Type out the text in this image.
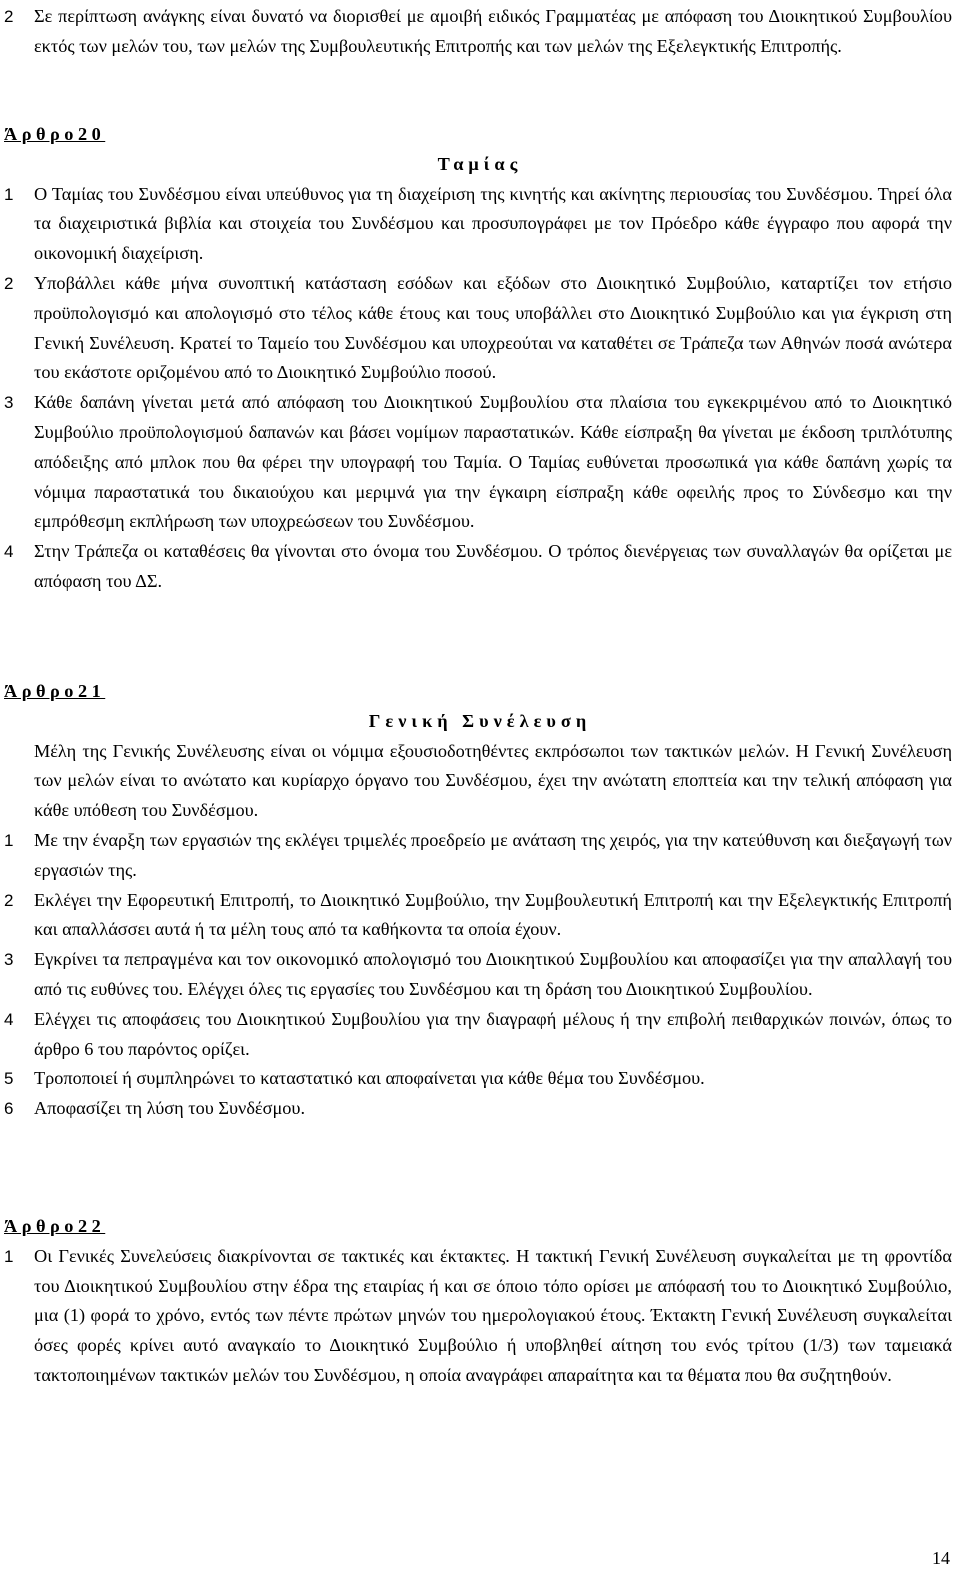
2 Σε περίπτωση ανάγκης είναι δυνατό να διορισθεί με αμοιβή ειδικός Γραμματέας με απόφαση του Διοικητικού Συμβουλίου εκτός των μελών του, των μελών της Συμβουλευτικής Επιτροπής και των μελών της Εξελεγκτικής Επιτροπής.

Άρθρο20

Ταμίας

1 Ο Ταμίας του Συνδέσμου είναι υπεύθυνος για τη διαχείριση της κινητής και ακίνητης περιουσίας του Συνδέσμου. Τηρεί όλα τα διαχειριστικά βιβλία και στοιχεία του Συνδέσμου και προσυπογράφει με τον Πρόεδρο κάθε έγγραφο που αφορά την οικονομική διαχείριση.

2 Υποβάλλει κάθε μήνα συνοπτική κατάσταση εσόδων και εξόδων στο Διοικητικό Συμβούλιο, καταρτίζει τον ετήσιο προϋπολογισμό και απολογισμό στο τέλος κάθε έτους και τους υποβάλλει στο Διοικητικό Συμβούλιο και για έγκριση στη Γενική Συνέλευση. Κρατεί το Ταμείο του Συνδέσμου και υποχρεούται να καταθέτει σε Τράπεζα των Αθηνών ποσά ανώτερα του εκάστοτε οριζομένου από το Διοικητικό Συμβούλιο ποσού.

3 Κάθε δαπάνη γίνεται μετά από απόφαση του Διοικητικού Συμβουλίου στα πλαίσια του εγκεκριμένου από το Διοικητικό Συμβούλιο προϋπολογισμού δαπανών και βάσει νομίμων παραστατικών. Κάθε είσπραξη θα γίνεται με έκδοση τριπλότυπης απόδειξης από μπλοκ που θα φέρει την υπογραφή του Ταμία. Ο Ταμίας ευθύνεται προσωπικά για κάθε δαπάνη χωρίς τα νόμιμα παραστατικά του δικαιούχου και μεριμνά για την έγκαιρη είσπραξη κάθε οφειλής προς το Σύνδεσμο και την εμπρόθεσμη εκπλήρωση των υποχρεώσεων του Συνδέσμου.

4 Στην Τράπεζα οι καταθέσεις θα γίνονται στο όνομα του Συνδέσμου. Ο τρόπος διενέργειας των συναλλαγών θα ορίζεται με απόφαση του ΔΣ.

Άρθρο21

Γενική Συνέλευση

Μέλη της Γενικής Συνέλευσης είναι οι νόμιμα εξουσιοδοτηθέντες εκπρόσωποι των τακτικών μελών. Η Γενική Συνέλευση των μελών είναι το ανώτατο και κυρίαρχο όργανο του Συνδέσμου, έχει την ανώτατη εποπτεία και την τελική απόφαση για κάθε υπόθεση του Συνδέσμου.

1 Με την έναρξη των εργασιών της εκλέγει τριμελές προεδρείο με ανάταση της χειρός, για την κατεύθυνση και διεξαγωγή των εργασιών της.

2 Εκλέγει την Εφορευτική Επιτροπή, το Διοικητικό Συμβούλιο, την Συμβουλευτική Επιτροπή και την Εξελεγκτικής Επιτροπή και απαλλάσσει αυτά ή τα μέλη τους από τα καθήκοντα τα οποία έχουν.

3 Εγκρίνει τα πεπραγμένα και τον οικονομικό απολογισμό του Διοικητικού Συμβουλίου και αποφασίζει για την απαλλαγή του από τις ευθύνες του. Ελέγχει όλες τις εργασίες του Συνδέσμου και τη δράση του Διοικητικού Συμβουλίου.

4 Ελέγχει τις αποφάσεις του Διοικητικού Συμβουλίου για την διαγραφή μέλους ή την επιβολή πειθαρχικών ποινών, όπως το άρθρο 6 του παρόντος ορίζει.

5 Τροποποιεί ή συμπληρώνει το καταστατικό και αποφαίνεται για κάθε θέμα του Συνδέσμου.

6 Αποφασίζει τη λύση του Συνδέσμου.

Άρθρο22

1 Οι Γενικές Συνελεύσεις διακρίνονται σε τακτικές και έκτακτες. Η τακτική Γενική Συνέλευση συγκαλείται με τη φροντίδα του Διοικητικού Συμβουλίου στην έδρα της εταιρίας ή και σε όποιο τόπο ορίσει με απόφασή του το Διοικητικό Συμβούλιο, μια (1) φορά το χρόνο, εντός των πέντε πρώτων μηνών του ημερολογιακού έτους. Έκτακτη Γενική Συνέλευση συγκαλείται όσες φορές κρίνει αυτό αναγκαίο το Διοικητικό Συμβούλιο ή υποβληθεί αίτηση του ενός τρίτου (1/3) των ταμειακά τακτοποιημένων τακτικών μελών του Συνδέσμου, η οποία αναγράφει απαραίτητα και τα θέματα που θα συζητηθούν.

14
